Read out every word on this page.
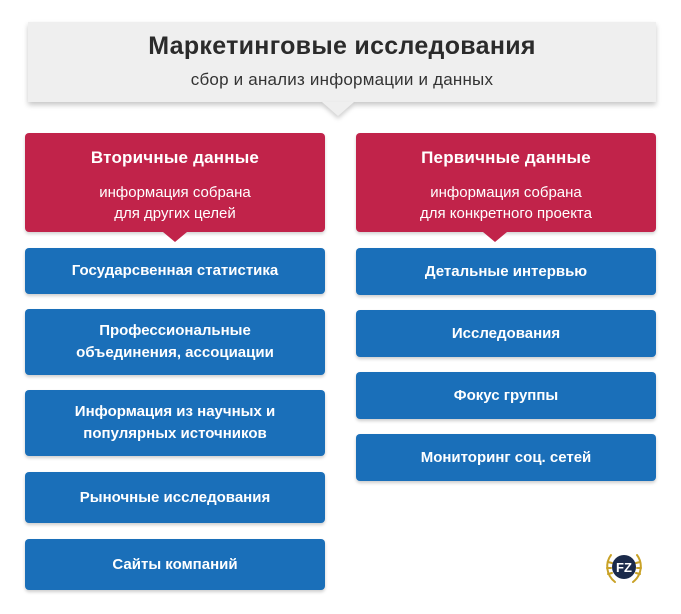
Маркетинговые исследования
сбор и анализ информации и данных
Вторичные данные
информация собрана
для других целей
Первичные данные
информация собрана
для конкретного проекта
Государсвенная статистика
Профессиональные
объединения, ассоциации
Информация из научных и
популярных источников
Рыночные исследования
Сайты компаний
Детальные интервью
Исследования
Фокус группы
Мониторинг соц. сетей
FZ
